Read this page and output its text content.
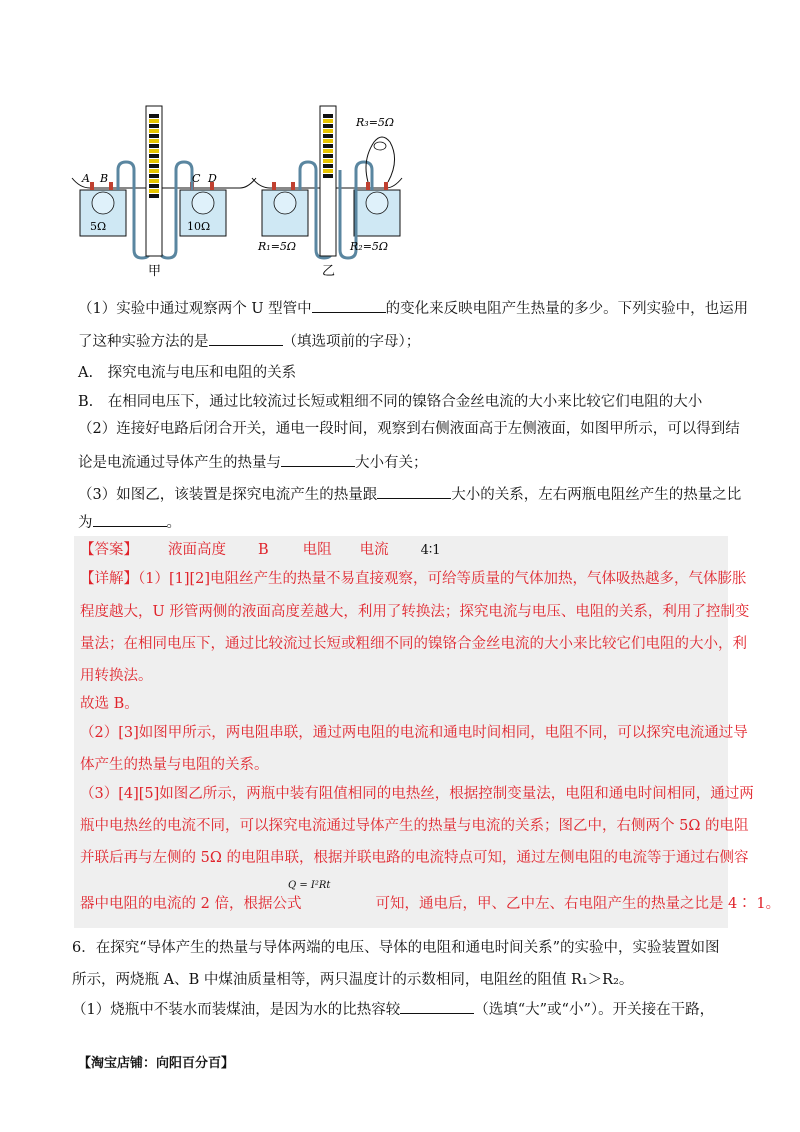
A B	C D
5Ω	10Ω
甲
R₃=5Ω
R₁=5Ω	R₂=5Ω
乙
（1）实验中通过观察两个 U 型管中	的变化来反映电阻产生热量的多少。下列实验中，也运用
了这种实验方法的是	（填选项前的字母）；
A.　探究电流与电压和电阻的关系
B.　在相同电压下，通过比较流过长短或粗细不同的镍铬合金丝电流的大小来比较它们电阻的大小
（2）连接好电路后闭合开关，通电一段时间，观察到右侧液面高于左侧液面，如图甲所示，可以得到结
论是电流通过导体产生的热量与	大小有关；
（3）如图乙，该装置是探究电流产生的热量跟	大小的关系，左右两瓶电阻丝产生的热量之比
为	。
【答案】 液面高度 B 电阻 电流 4∶1
【详解】（1）[1][2]电阻丝产生的热量不易直接观察，可给等质量的气体加热，气体吸热越多，气体膨胀
程度越大，U 形管两侧的液面高度差越大，利用了转换法；探究电流与电压、电阻的关系，利用了控制变
量法；在相同电压下，通过比较流过长短或粗细不同的镍铬合金丝电流的大小来比较它们电阻的大小，利
用转换法。
故选 B。
（2）[3]如图甲所示，两电阻串联，通过两电阻的电流和通电时间相同，电阻不同，可以探究电流通过导
体产生的热量与电阻的关系。
（3）[4][5]如图乙所示，两瓶中装有阻值相同的电热丝，根据控制变量法，电阻和通电时间相同，通过两
瓶中电热丝的电流不同，可以探究电流通过导体产生的热量与电流的关系；图乙中，右侧两个 5Ω 的电阻
并联后再与左侧的 5Ω 的电阻串联，根据并联电路的电流特点可知，通过左侧电阻的电流等于通过右侧容
Q = I²Rt
器中电阻的电流的 2 倍，根据公式	可知，通电后，甲、乙中左、右电阻产生的热量之比是 4∶ 1。
6．在探究“导体产生的热量与导体两端的电压、导体的电阻和通电时间关系”的实验中，实验装置如图
所示，两烧瓶 A、B 中煤油质量相等，两只温度计的示数相同，电阻丝的阻值 R₁＞R₂。
（1）烧瓶中不装水而装煤油，是因为水的比热容较	（选填“大”或“小”）。开关接在干路，
【淘宝店铺：向阳百分百】
